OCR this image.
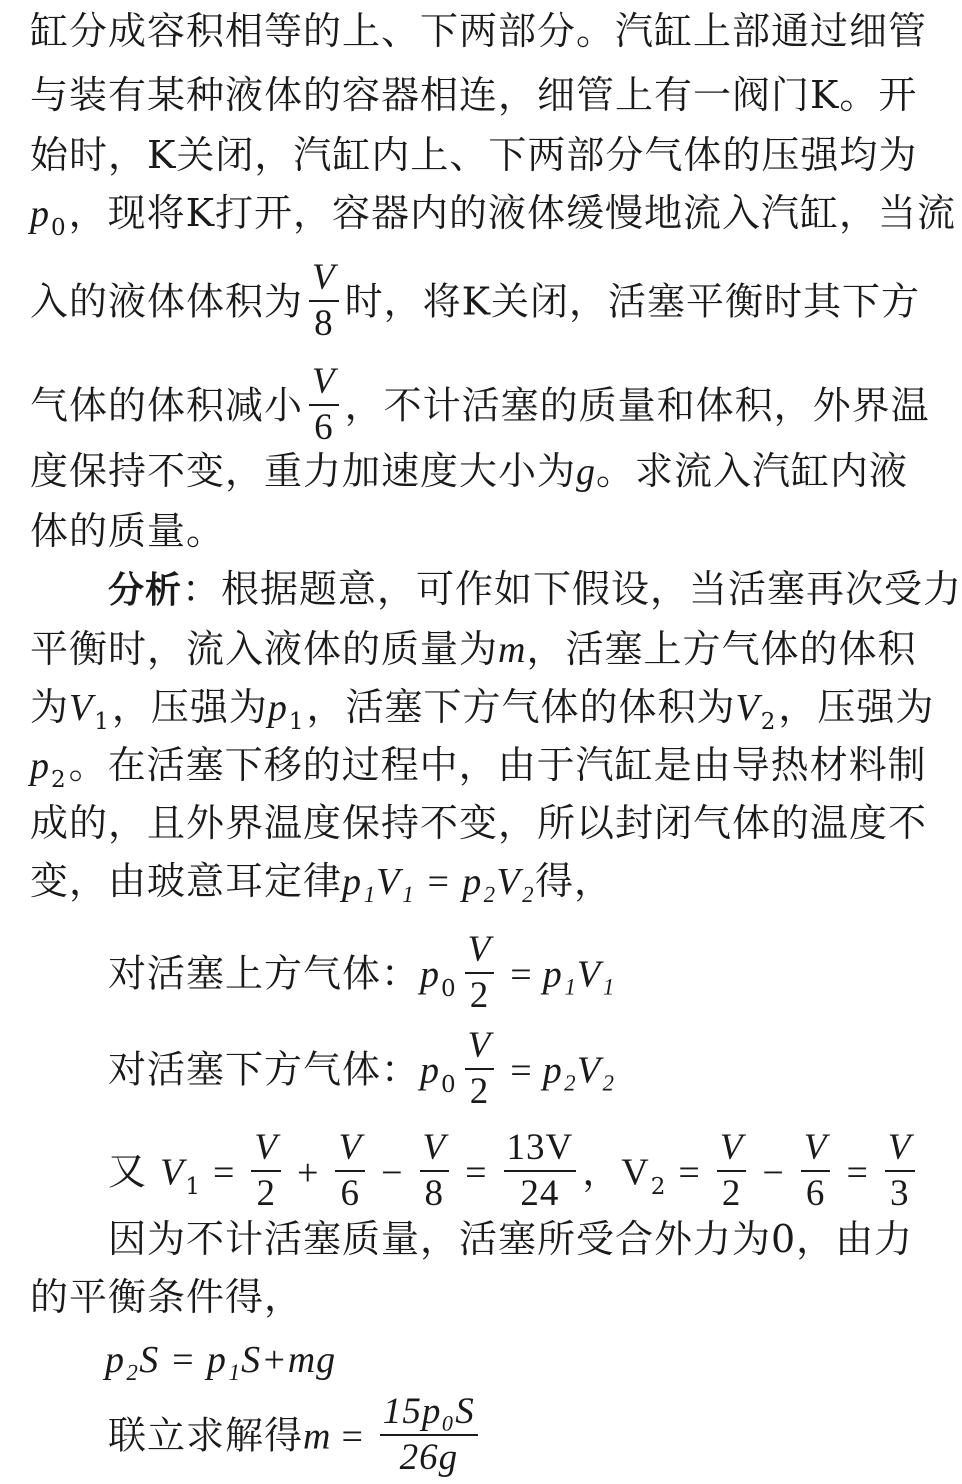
缸分成容积相等的上、下两部分。汽缸上部通过细管
与装有某种液体的容器相连，细管上有一阀门K。开
始时，K关闭，汽缸内上、下两部分气体的压强均为
$p_0$，现将K打开，容器内的液体缓慢地流入汽缸，当流
入的液体体积为 $\frac{V}{8}$ 时，将K关闭，活塞平衡时其下方
气体的体积减小 $\frac{V}{6}$ ，不计活塞的质量和体积，外界温
度保持不变，重力加速度大小为g。求流入汽缸内液
体的质量。
分析：根据题意，可作如下假设，当活塞再次受力
平衡时，流入液体的质量为m，活塞上方气体的体积
为$V_1$，压强为$p_1$，活塞下方气体的体积为$V_2$，压强为
$p_2$。在活塞下移的过程中，由于汽缸是由导热材料制
成的，且外界温度保持不变，所以封闭气体的温度不
变，由玻意耳定律p₁V₁ = p₂V₂得，
对活塞上方气体：$p_0 \frac{V}{2} = p_1V_1$
对活塞下方气体：$p_0 \frac{V}{2} = p_2V_2$
又 $V_1 = \frac{V}{2} + \frac{V}{6} - \frac{V}{8} = \frac{13V}{24}$ ，$V_2 = \frac{V}{2} - \frac{V}{6} = \frac{V}{3}$
因为不计活塞质量，活塞所受合外力为0，由力
的平衡条件得，
p₂S = p₁S+mg
联立求解得$m = \frac{\text{15p₀S}}{26g}$
